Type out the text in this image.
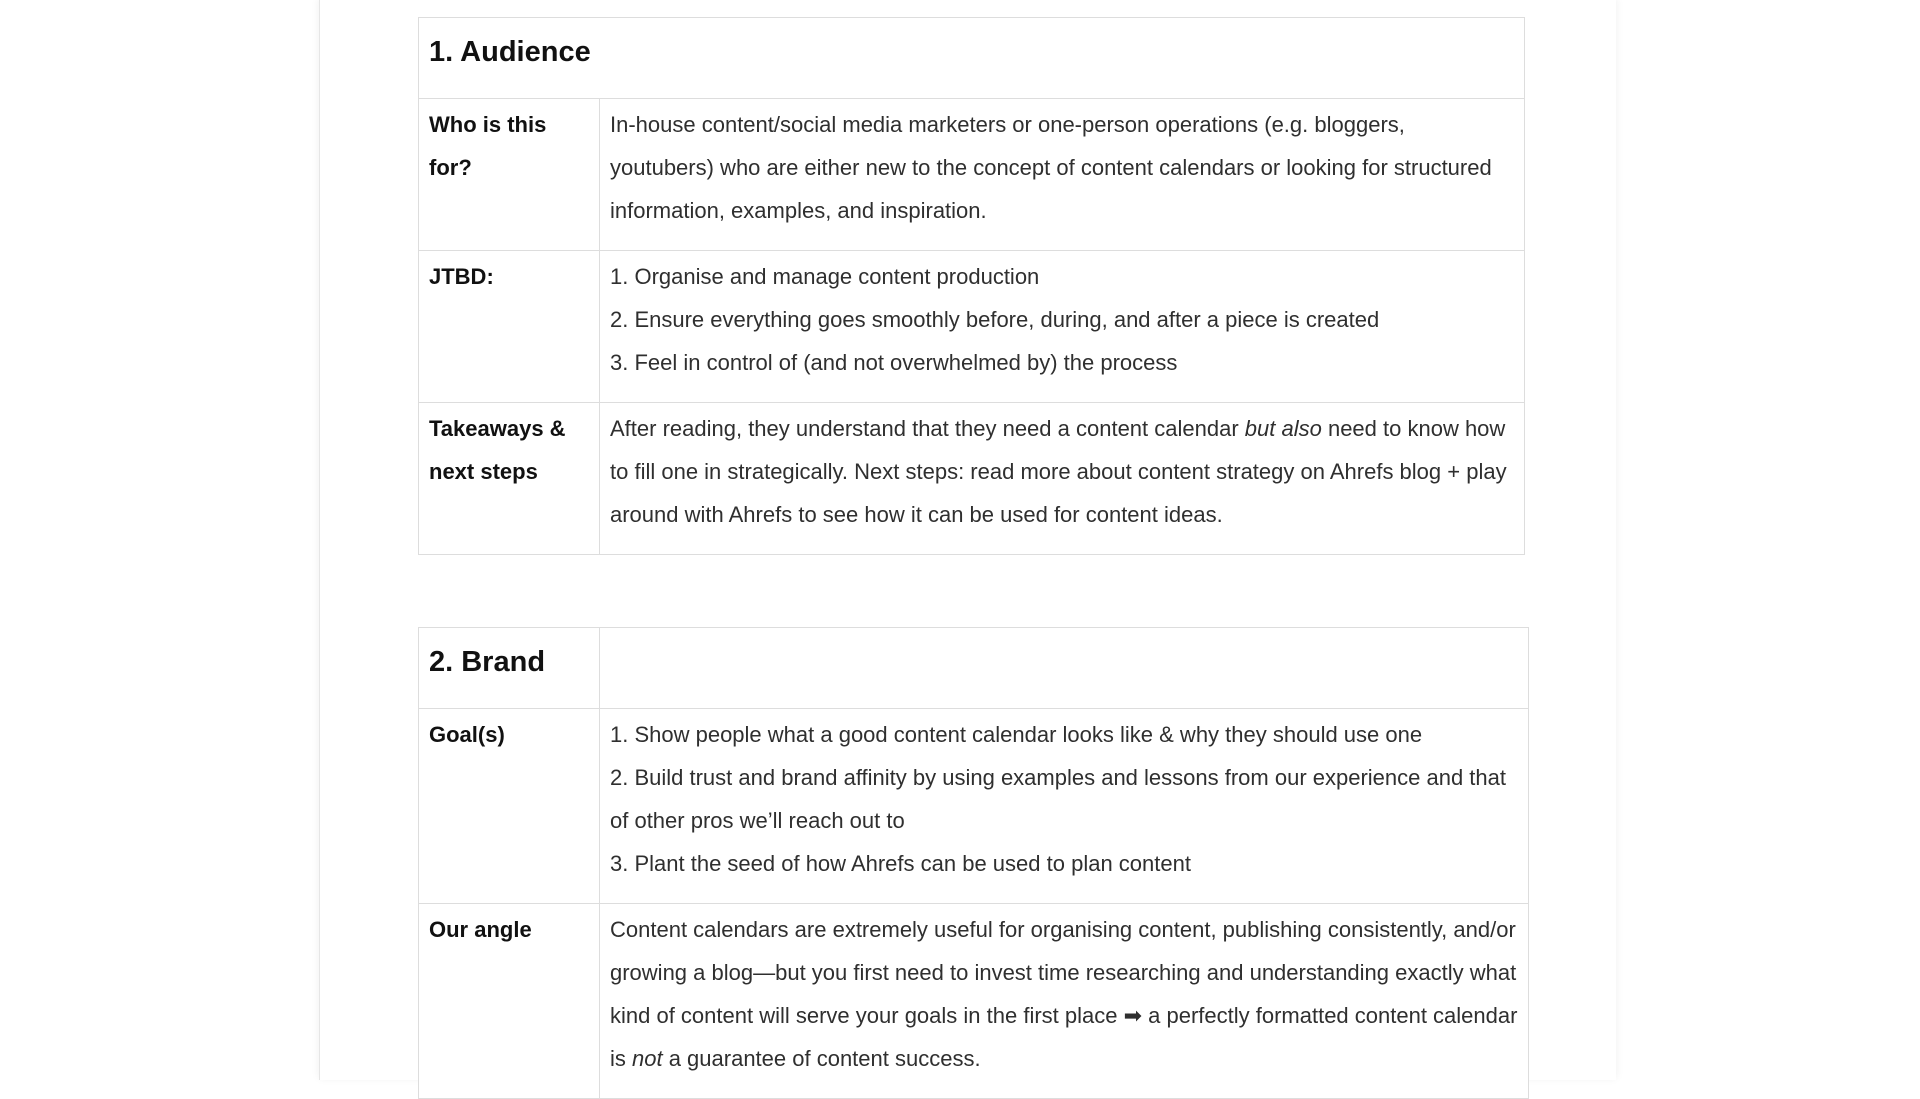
1. Audience	
Who is this for?	In-house content/social media marketers or one-person operations (e.g. bloggers, youtubers) who are either new to the concept of content calendars or looking for structured information, examples, and inspiration.
JTBD:	1. Organise and manage content production
2. Ensure everything goes smoothly before, during, and after a piece is created
3. Feel in control of (and not overwhelmed by) the process

Takeaways & next steps	After reading, they understand that they need a content calendar but also need to know how to fill one in strategically. Next steps: read more about content strategy on Ahrefs blog + play around with Ahrefs to see how it can be used for content ideas.
2. Brand	
Goal(s)	1. Show people what a good content calendar looks like & why they should use one
2. Build trust and brand affinity by using examples and lessons from our experience and that of other pros we’ll reach out to
3. Plant the seed of how Ahrefs can be used to plan content

Our angle	Content calendars are extremely useful for organising content, publishing consistently, and/or growing a blog—but you first need to invest time researching and understanding exactly what kind of content will serve your goals in the first place ➡ a perfectly formatted content calendar is not a guarantee of content success.
